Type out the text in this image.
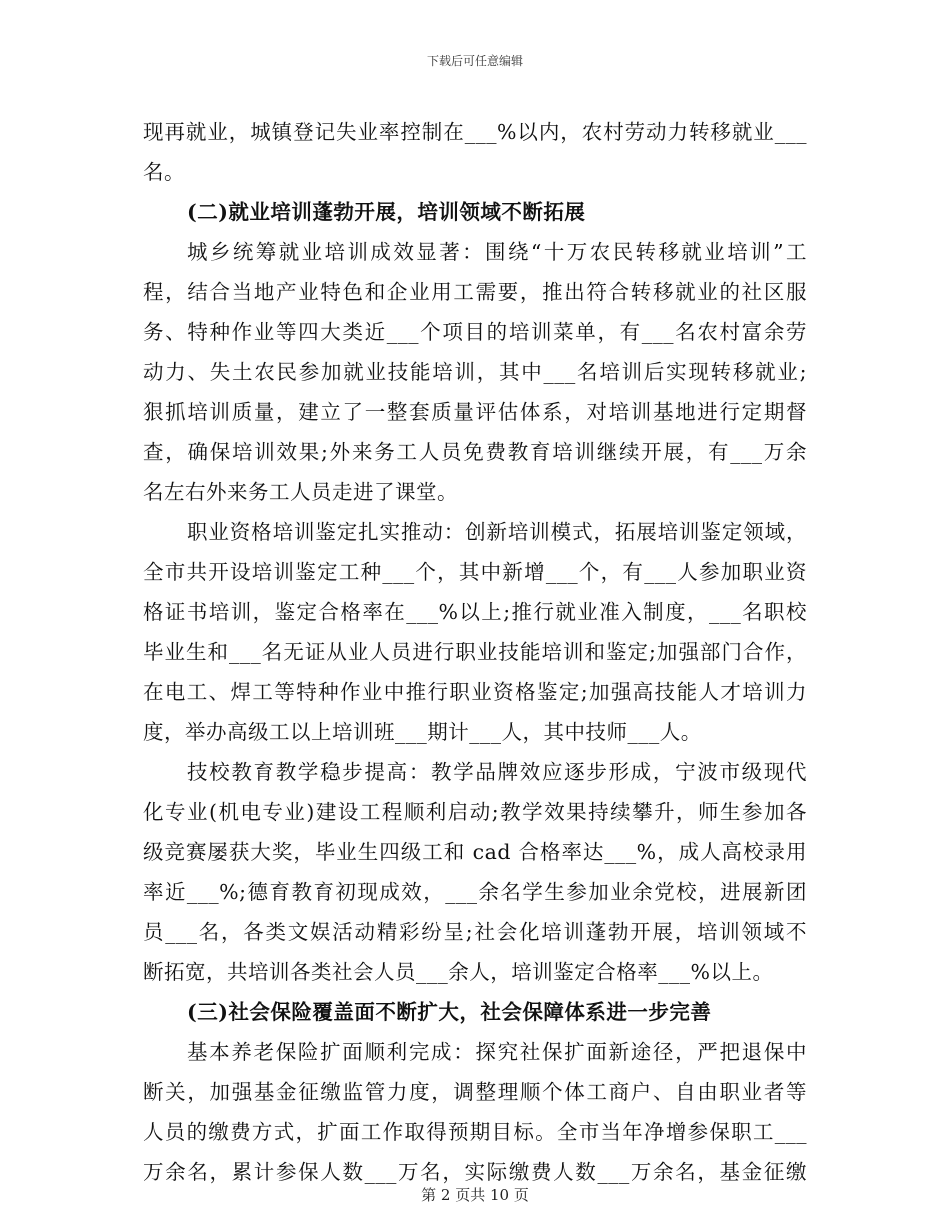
下载后可任意编辑
现再就业，城镇登记失业率控制在___%以内，农村劳动力转移就业___
名。
(二)就业培训蓬勃开展，培训领域不断拓展
城乡统筹就业培训成效显著：围绕“十万农民转移就业培训”工
程，结合当地产业特色和企业用工需要，推出符合转移就业的社区服
务、特种作业等四大类近___个项目的培训菜单，有___名农村富余劳
动力、失土农民参加就业技能培训，其中___名培训后实现转移就业;
狠抓培训质量，建立了一整套质量评估体系，对培训基地进行定期督
查，确保培训效果;外来务工人员免费教育培训继续开展，有___万余
名左右外来务工人员走进了课堂。
职业资格培训鉴定扎实推动：创新培训模式，拓展培训鉴定领域，
全市共开设培训鉴定工种___个，其中新增___个，有___人参加职业资
格证书培训，鉴定合格率在___%以上;推行就业准入制度，___名职校
毕业生和___名无证从业人员进行职业技能培训和鉴定;加强部门合作，
在电工、焊工等特种作业中推行职业资格鉴定;加强高技能人才培训力
度，举办高级工以上培训班___期计___人，其中技师___人。
技校教育教学稳步提高：教学品牌效应逐步形成，宁波市级现代
化专业(机电专业)建设工程顺利启动;教学效果持续攀升，师生参加各
级竞赛屡获大奖，毕业生四级工和 cad 合格率达___%，成人高校录用
率近___%;德育教育初现成效，___余名学生参加业余党校，进展新团
员___名，各类文娱活动精彩纷呈;社会化培训蓬勃开展，培训领域不
断拓宽，共培训各类社会人员___余人，培训鉴定合格率___%以上。
(三)社会保险覆盖面不断扩大，社会保障体系进一步完善
基本养老保险扩面顺利完成：探究社保扩面新途径，严把退保中
断关，加强基金征缴监管力度，调整理顺个体工商户、自由职业者等
人员的缴费方式，扩面工作取得预期目标。全市当年净增参保职工___
万余名，累计参保人数___万名，实际缴费人数___万余名，基金征缴
第 2 页共 10 页
